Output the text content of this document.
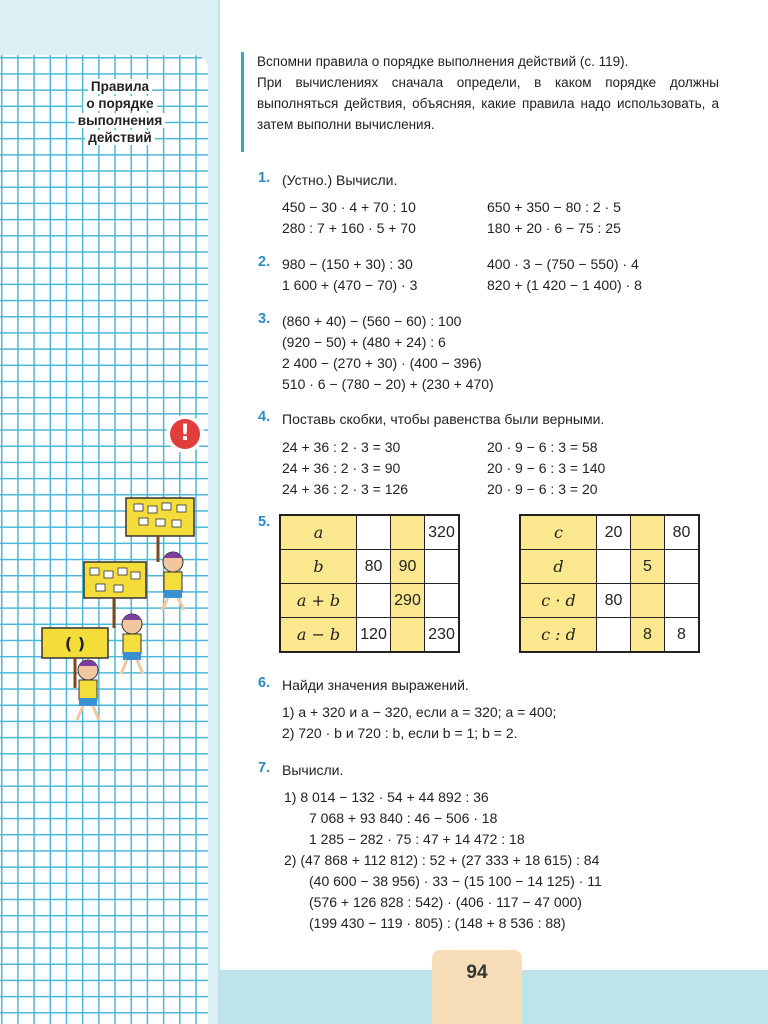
Правила
о порядке
выполнения
действий
( )
!
Вспомни правила о порядке выполнения действий (с. 119).
При вычислениях сначала определи, в каком порядке должны выполняться действия, объясняя, какие правила надо использовать, а затем выполни вычисления.
1. (Устно.) Вычисли.
450 − 30 · 4 + 70 : 10
280 : 7 + 160 · 5 + 70
650 + 350 − 80 : 2 · 5
180 + 20 · 6 − 75 : 25
2. 980 − (150 + 30) : 30
1 600 + (470 − 70) · 3
400 · 3 − (750 − 550) · 4
820 + (1 420 − 1 400) · 8
3. (860 + 40) − (560 − 60) : 100
(920 − 50) + (480 + 24) : 6
2 400 − (270 + 30) · (400 − 396)
510 · 6 − (780 − 20) + (230 + 470)
4. Поставь скобки, чтобы равенства были верными.
24 + 36 : 2 · 3 = 30
24 + 36 : 2 · 3 = 90
24 + 36 : 2 · 3 = 126
20 · 9 − 6 : 3 = 58
20 · 9 − 6 : 3 = 140
20 · 9 − 6 : 3 = 20
5.
a			320
b	80	90	
a + b		290	
a − b	120		230
c	20		80
d		5	
c · d	80		
c : d		8	8
6. Найди значения выражений.
1) a + 320 и a − 320, если a = 320; a = 400;
2) 720 · b и 720 : b, если b = 1; b = 2.
7. Вычисли.
1) 8 014 − 132 · 54 + 44 892 : 36
7 068 + 93 840 : 46 − 506 · 18
1 285 − 282 · 75 : 47 + 14 472 : 18
2) (47 868 + 112 812) : 52 + (27 333 + 18 615) : 84
(40 600 − 38 956) · 33 − (15 100 − 14 125) · 11
(576 + 126 828 : 542) · (406 · 117 − 47 000)
(199 430 − 119 · 805) : (148 + 8 536 : 88)
94
